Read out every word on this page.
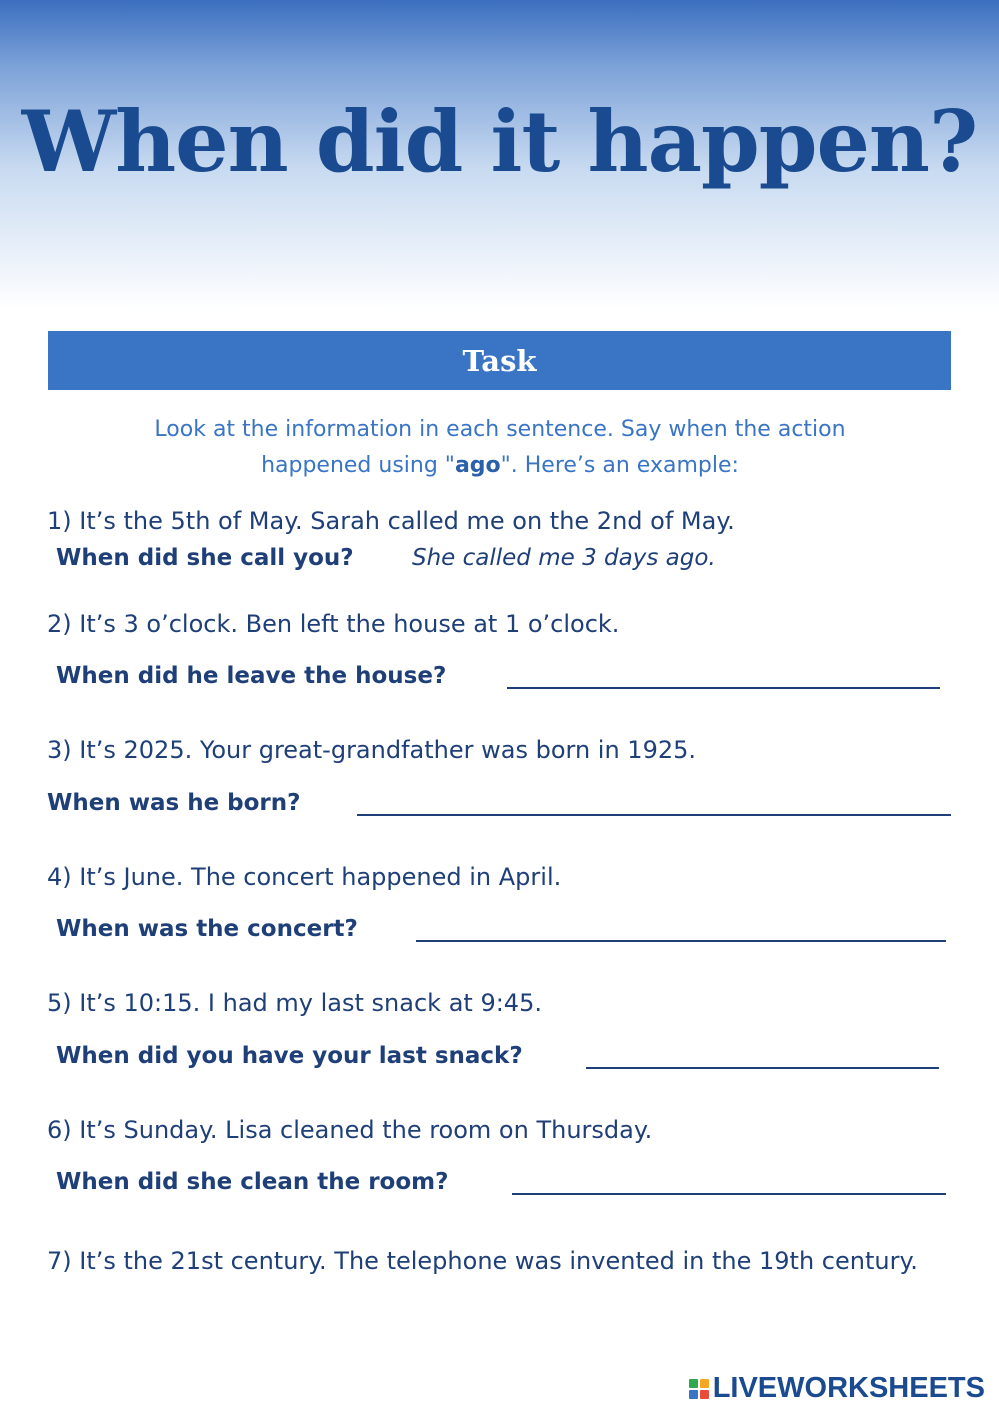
When did it happen?
Task
Look at the information in each sentence. Say when the action
happened using "ago". Here’s an example:
1) It’s the 5th of May. Sarah called me on the 2nd of May.
When did she call you?	She called me 3 days ago.
2) It’s 3 o’clock. Ben left the house at 1 o’clock.
When did he leave the house?
3) It’s 2025. Your great-grandfather was born in 1925.
When was he born?
4) It’s June. The concert happened in April.
When was the concert?
5) It’s 10:15. I had my last snack at 9:45.
When did you have your last snack?
6) It’s Sunday. Lisa cleaned the room on Thursday.
When did she clean the room?
7) It’s the 21st century. The telephone was invented in the 19th century.
LIVEWORKSHEETS
